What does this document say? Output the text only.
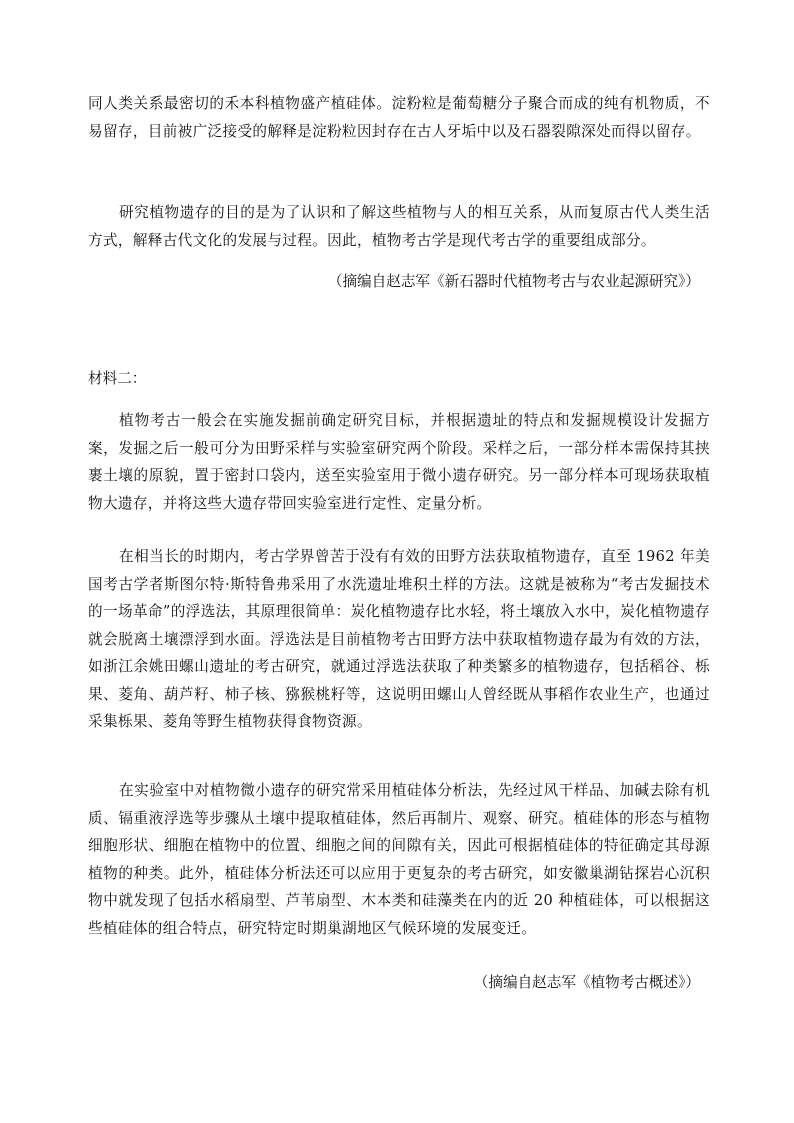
同人类关系最密切的禾本科植物盛产植硅体。淀粉粒是葡萄糖分子聚合而成的纯有机物质，不易留存，目前被广泛接受的解释是淀粉粒因封存在古人牙垢中以及石器裂隙深处而得以留存。

研究植物遗存的目的是为了认识和了解这些植物与人的相互关系，从而复原古代人类生活方式，解释古代文化的发展与过程。因此，植物考古学是现代考古学的重要组成部分。

（摘编自赵志军《新石器时代植物考古与农业起源研究》）

材料二：

植物考古一般会在实施发掘前确定研究目标，并根据遗址的特点和发掘规模设计发掘方案，发掘之后一般可分为田野采样与实验室研究两个阶段。采样之后，一部分样本需保持其挟裹土壤的原貌，置于密封口袋内，送至实验室用于微小遗存研究。另一部分样本可现场获取植物大遗存，并将这些大遗存带回实验室进行定性、定量分析。

在相当长的时期内，考古学界曾苦于没有有效的田野方法获取植物遗存，直至 1962 年美国考古学者斯图尔特·斯特鲁弗采用了水洗遗址堆积土样的方法。这就是被称为“考古发掘技术的一场革命”的浮选法，其原理很简单：炭化植物遗存比水轻，将土壤放入水中，炭化植物遗存就会脱离土壤漂浮到水面。浮选法是目前植物考古田野方法中获取植物遗存最为有效的方法，如浙江余姚田螺山遗址的考古研究，就通过浮选法获取了种类繁多的植物遗存，包括稻谷、栎果、菱角、葫芦籽、柿子核、猕猴桃籽等，这说明田螺山人曾经既从事稻作农业生产，也通过采集栎果、菱角等野生植物获得食物资源。

在实验室中对植物微小遗存的研究常采用植硅体分析法，先经过风干样品、加碱去除有机质、镉重液浮选等步骤从土壤中提取植硅体，然后再制片、观察、研究。植硅体的形态与植物细胞形状、细胞在植物中的位置、细胞之间的间隙有关，因此可根据植硅体的特征确定其母源植物的种类。此外，植硅体分析法还可以应用于更复杂的考古研究，如安徽巢湖钻探岩心沉积物中就发现了包括水稻扇型、芦苇扇型、木本类和硅藻类在内的近 20 种植硅体，可以根据这些植硅体的组合特点，研究特定时期巢湖地区气候环境的发展变迁。

（摘编自赵志军《植物考古概述》）
